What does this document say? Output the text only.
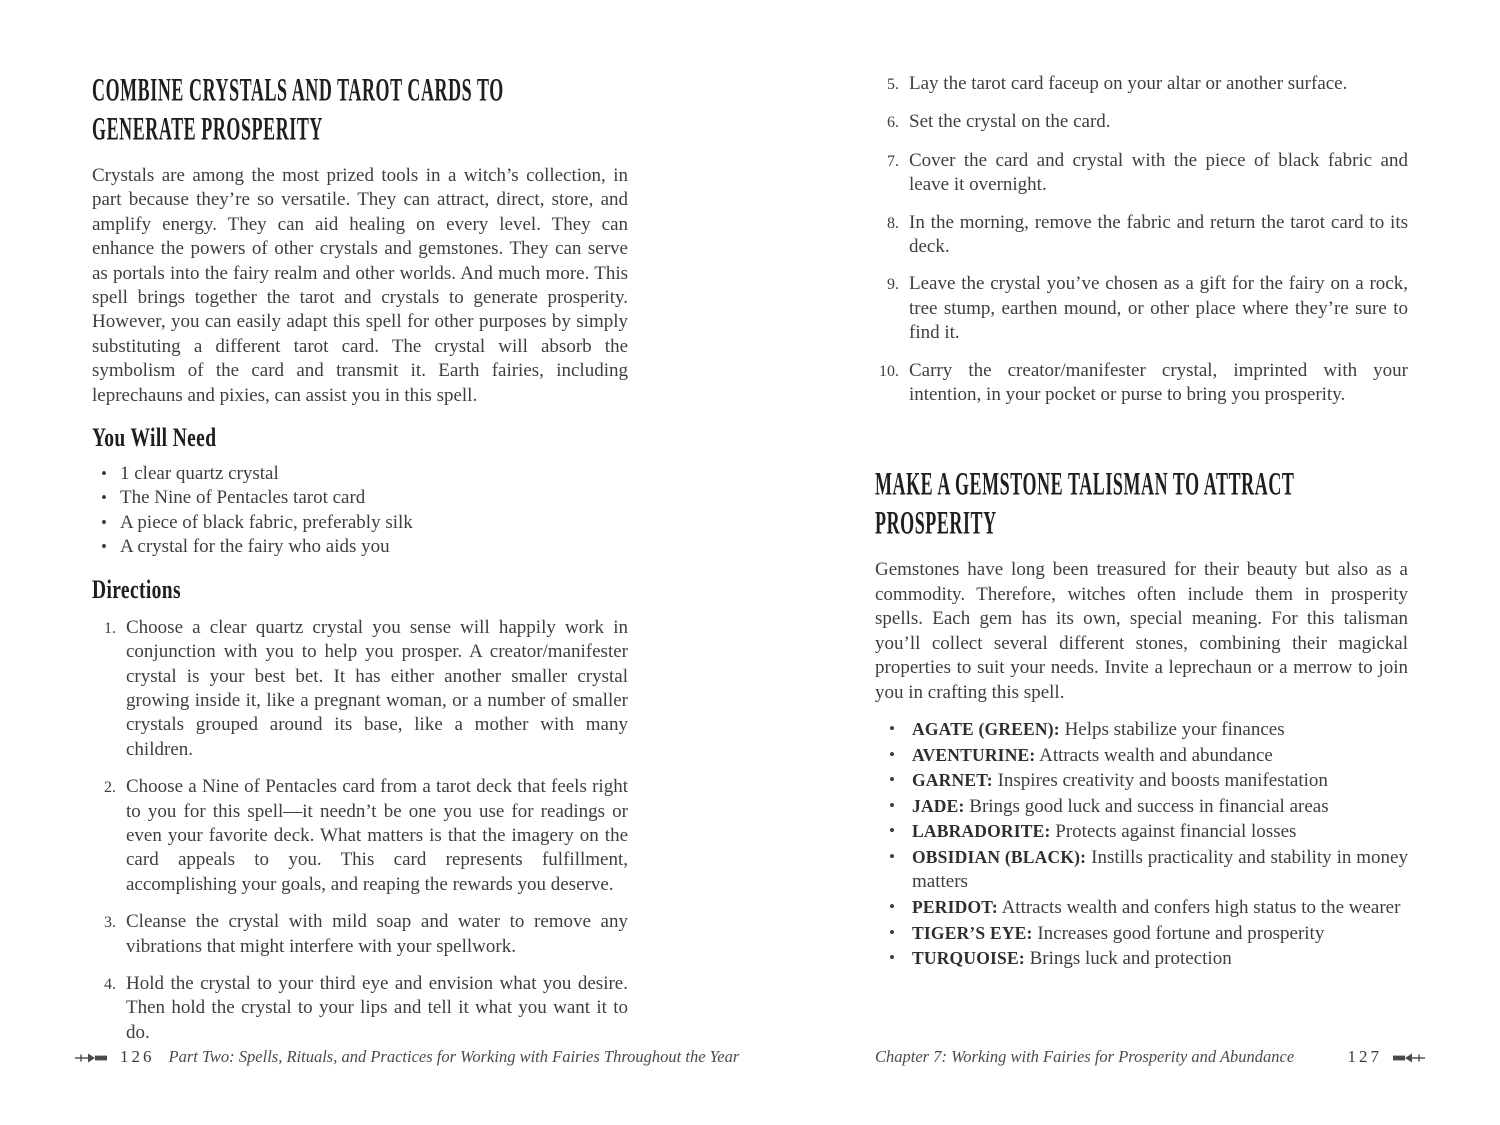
COMBINE CRYSTALS AND TAROT CARDS TO
GENERATE PROSPERITY

Crystals are among the most prized tools in a witch’s collection, in part because they’re so versatile. They can attract, direct, store, and amplify energy. They can aid healing on every level. They can enhance the powers of other crystals and gemstones. They can serve as portals into the fairy realm and other worlds. And much more. This spell brings together the tarot and crystals to generate prosperity. However, you can easily adapt this spell for other purposes by simply substituting a different tarot card. The crystal will absorb the symbolism of the card and transmit it. Earth fairies, including leprechauns and pixies, can assist you in this spell.

You Will Need
• 1 clear quartz crystal
• The Nine of Pentacles tarot card
• A piece of black fabric, preferably silk
• A crystal for the fairy who aids you
Directions
1. Choose a clear quartz crystal you sense will happily work in conjunction with you to help you prosper. A creator/manifester crystal is your best bet. It has either another smaller crystal growing inside it, like a pregnant woman, or a number of smaller crystals grouped around its base, like a mother with many children.
2. Choose a Nine of Pentacles card from a tarot deck that feels right to you for this spell—it needn’t be one you use for readings or even your favorite deck. What matters is that the imagery on the card appeals to you. This card represents fulfillment, accomplishing your goals, and reaping the rewards you deserve.
3. Cleanse the crystal with mild soap and water to remove any vibrations that might interfere with your spellwork.
4. Hold the crystal to your third eye and envision what you desire. Then hold the crystal to your lips and tell it what you want it to do.
126 Part Two: Spells, Rituals, and Practices for Working with Fairies Throughout the Year
5. Lay the tarot card faceup on your altar or another surface.
6. Set the crystal on the card.
7. Cover the card and crystal with the piece of black fabric and leave it overnight.
8. In the morning, remove the fabric and return the tarot card to its deck.
9. Leave the crystal you’ve chosen as a gift for the fairy on a rock, tree stump, earthen mound, or other place where they’re sure to find it.
10. Carry the creator/manifester crystal, imprinted with your intention, in your pocket or purse to bring you prosperity.
MAKE A GEMSTONE TALISMAN TO ATTRACT
PROSPERITY

Gemstones have long been treasured for their beauty but also as a commodity. Therefore, witches often include them in prosperity spells. Each gem has its own, special meaning. For this talisman you’ll collect several different stones, combining their magickal properties to suit your needs. Invite a leprechaun or a merrow to join you in crafting this spell.

• AGATE (GREEN): Helps stabilize your finances
• AVENTURINE: Attracts wealth and abundance
• GARNET: Inspires creativity and boosts manifestation
• JADE: Brings good luck and success in financial areas
• LABRADORITE: Protects against financial losses
• OBSIDIAN (BLACK): Instills practicality and stability in money matters
• PERIDOT: Attracts wealth and confers high status to the wearer
• TIGER’S EYE: Increases good fortune and prosperity
• TURQUOISE: Brings luck and protection
Chapter 7: Working with Fairies for Prosperity and Abundance	127
